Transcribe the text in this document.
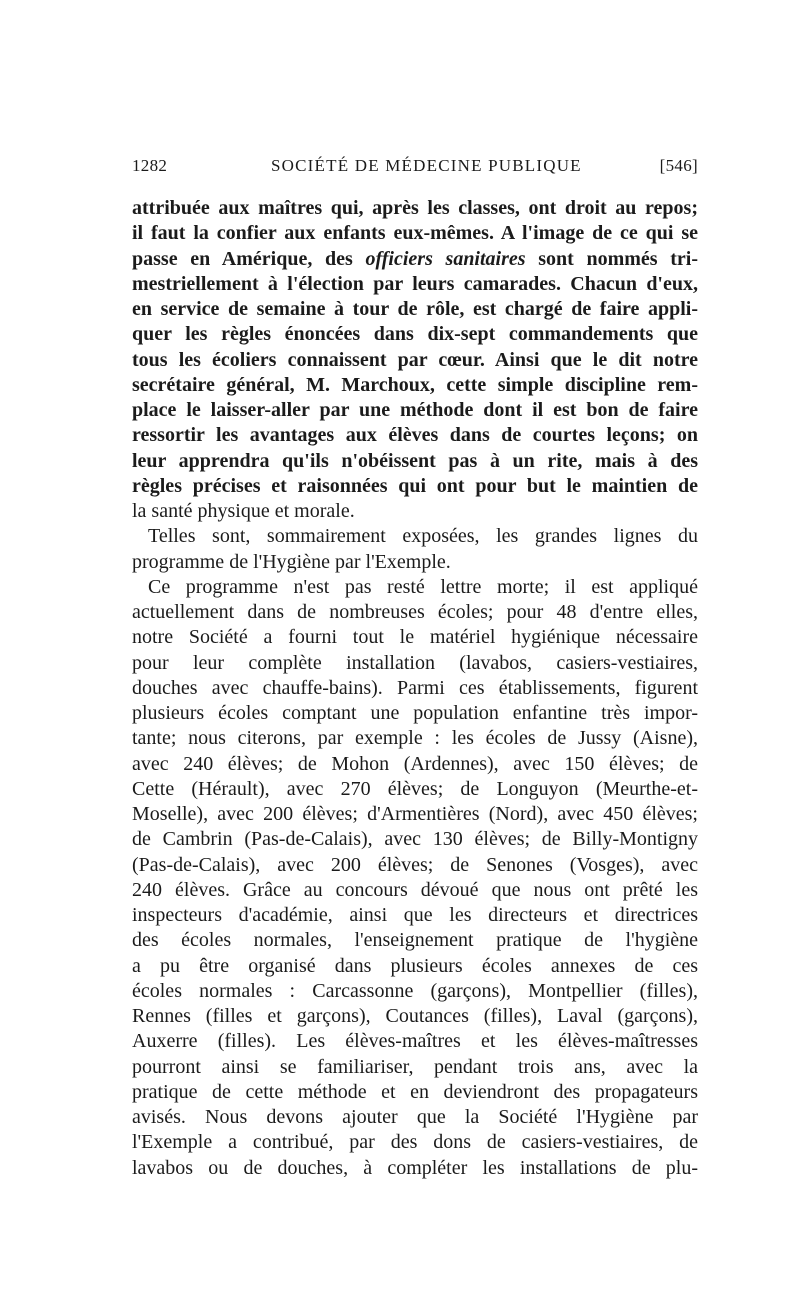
1282	SOCIÉTÉ DE MÉDECINE PUBLIQUE	[546]
attribuée aux maîtres qui, après les classes, ont droit au repos;
il faut la confier aux enfants eux-mêmes. A l'image de ce qui se
passe en Amérique, des officiers sanitaires sont nommés tri-
mestriellement à l'élection par leurs camarades. Chacun d'eux,
en service de semaine à tour de rôle, est chargé de faire appli-
quer les règles énoncées dans dix-sept commandements que
tous les écoliers connaissent par cœur. Ainsi que le dit notre
secrétaire général, M. Marchoux, cette simple discipline rem-
place le laisser-aller par une méthode dont il est bon de faire
ressortir les avantages aux élèves dans de courtes leçons; on
leur apprendra qu'ils n'obéissent pas à un rite, mais à des
règles précises et raisonnées qui ont pour but le maintien de
la santé physique et morale.
Telles sont, sommairement exposées, les grandes lignes du
programme de l'Hygiène par l'Exemple.
Ce programme n'est pas resté lettre morte; il est appliqué
actuellement dans de nombreuses écoles; pour 48 d'entre elles,
notre Société a fourni tout le matériel hygiénique nécessaire
pour leur complète installation (lavabos, casiers-vestiaires,
douches avec chauffe-bains). Parmi ces établissements, figurent
plusieurs écoles comptant une population enfantine très impor-
tante; nous citerons, par exemple : les écoles de Jussy (Aisne),
avec 240 élèves; de Mohon (Ardennes), avec 150 élèves; de
Cette (Hérault), avec 270 élèves; de Longuyon (Meurthe-et-
Moselle), avec 200 élèves; d'Armentières (Nord), avec 450 élèves;
de Cambrin (Pas-de-Calais), avec 130 élèves; de Billy-Montigny
(Pas-de-Calais), avec 200 élèves; de Senones (Vosges), avec
240 élèves. Grâce au concours dévoué que nous ont prêté les
inspecteurs d'académie, ainsi que les directeurs et directrices
des écoles normales, l'enseignement pratique de l'hygiène
a pu être organisé dans plusieurs écoles annexes de ces
écoles normales : Carcassonne (garçons), Montpellier (filles),
Rennes (filles et garçons), Coutances (filles), Laval (garçons),
Auxerre (filles). Les élèves-maîtres et les élèves-maîtresses
pourront ainsi se familiariser, pendant trois ans, avec la
pratique de cette méthode et en deviendront des propagateurs
avisés. Nous devons ajouter que la Société l'Hygiène par
l'Exemple a contribué, par des dons de casiers-vestiaires, de
lavabos ou de douches, à compléter les installations de plu-
